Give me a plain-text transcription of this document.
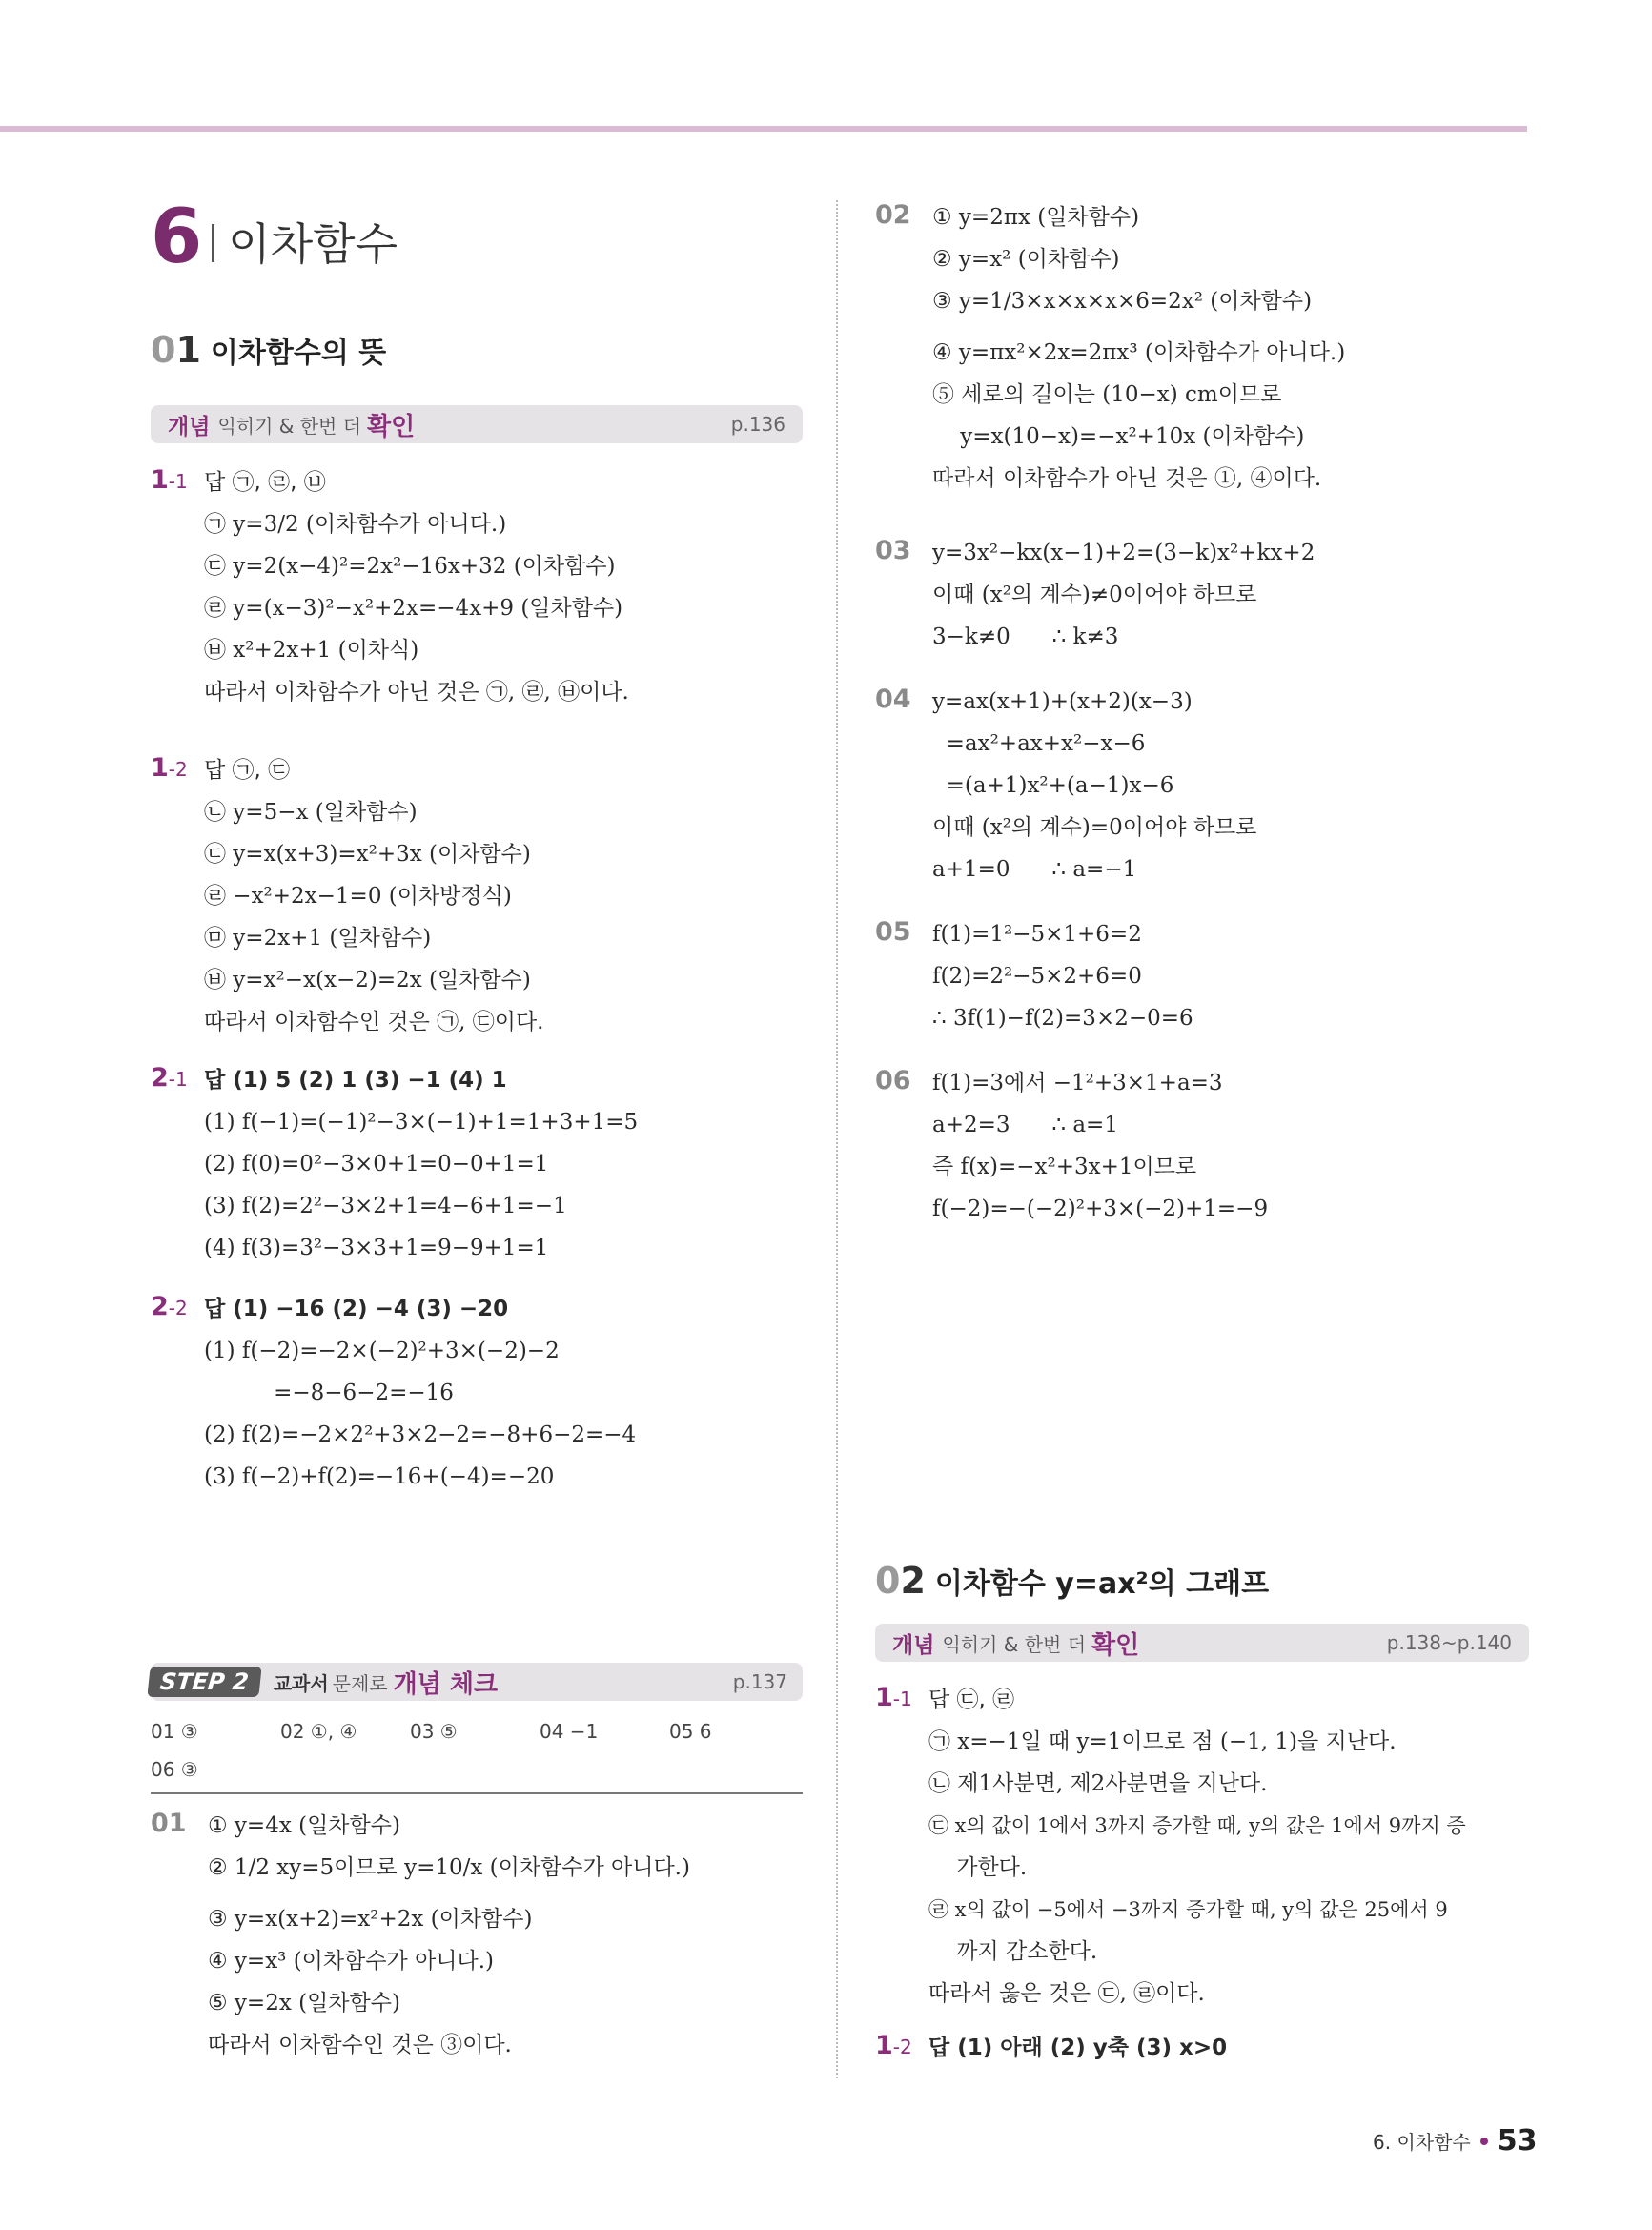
6 이차함수
01 이차함수의 뜻
개념 익히기 & 한번 더 확인	p.136
1-1 답 ㉠, ㉣, ㉥
㉠ y=3/2 (이차함수가 아니다.)
㉢ y=2(x−4)²=2x²−16x+32 (이차함수)
㉣ y=(x−3)²−x²+2x=−4x+9 (일차함수)
㉥ x²+2x+1 (이차식)
따라서 이차함수가 아닌 것은 ㉠, ㉣, ㉥이다.
1-2 답 ㉠, ㉢
㉡ y=5−x (일차함수)
㉢ y=x(x+3)=x²+3x (이차함수)
㉣ −x²+2x−1=0 (이차방정식)
㉤ y=2x+1 (일차함수)
㉥ y=x²−x(x−2)=2x (일차함수)
따라서 이차함수인 것은 ㉠, ㉢이다.
2-1 답 (1) 5 (2) 1 (3) −1 (4) 1
(1) f(−1)=(−1)²−3×(−1)+1=1+3+1=5
(2) f(0)=0²−3×0+1=0−0+1=1
(3) f(2)=2²−3×2+1=4−6+1=−1
(4) f(3)=3²−3×3+1=9−9+1=1
2-2 답 (1) −16 (2) −4 (3) −20
(1) f(−2)=−2×(−2)²+3×(−2)−2
=−8−6−2=−16
(2) f(2)=−2×2²+3×2−2=−8+6−2=−4
(3) f(−2)+f(2)=−16+(−4)=−20
STEP 2	교과서 문제로 개념 체크	p.137
01 ③	02 ①, ④	03 ⑤	04 −1	05 6
06 ③
01 ① y=4x (일차함수)
② 1/2 xy=5이므로 y=10/x (이차함수가 아니다.)
③ y=x(x+2)=x²+2x (이차함수)
④ y=x³ (이차함수가 아니다.)
⑤ y=2x (일차함수)
따라서 이차함수인 것은 ③이다.
02 ① y=2πx (일차함수)
② y=x² (이차함수)
③ y=1/3×x×x×x×6=2x² (이차함수)
④ y=πx²×2x=2πx³ (이차함수가 아니다.)
⑤ 세로의 길이는 (10−x) cm이므로
y=x(10−x)=−x²+10x (이차함수)
따라서 이차함수가 아닌 것은 ①, ④이다.
03 y=3x²−kx(x−1)+2=(3−k)x²+kx+2
이때 (x²의 계수)≠0이어야 하므로
3−k≠0      ∴ k≠3
04 y=ax(x+1)+(x+2)(x−3)
=ax²+ax+x²−x−6
=(a+1)x²+(a−1)x−6
이때 (x²의 계수)=0이어야 하므로
a+1=0      ∴ a=−1
05 f(1)=1²−5×1+6=2
f(2)=2²−5×2+6=0
∴ 3f(1)−f(2)=3×2−0=6
06 f(1)=3에서 −1²+3×1+a=3
a+2=3      ∴ a=1
즉 f(x)=−x²+3x+1이므로
f(−2)=−(−2)²+3×(−2)+1=−9
02 이차함수 y=ax²의 그래프
개념 익히기 & 한번 더 확인	p.138~p.140
1-1 답 ㉢, ㉣
㉠ x=−1일 때 y=1이므로 점 (−1, 1)을 지난다.
㉡ 제1사분면, 제2사분면을 지난다.
㉢ x의 값이 1에서 3까지 증가할 때, y의 값은 1에서 9까지 증
가한다.
㉣ x의 값이 −5에서 −3까지 증가할 때, y의 값은 25에서 9
까지 감소한다.
따라서 옳은 것은 ㉢, ㉣이다.
1-2 답 (1) 아래 (2) y축 (3) x>0
6. 이차함수 53
